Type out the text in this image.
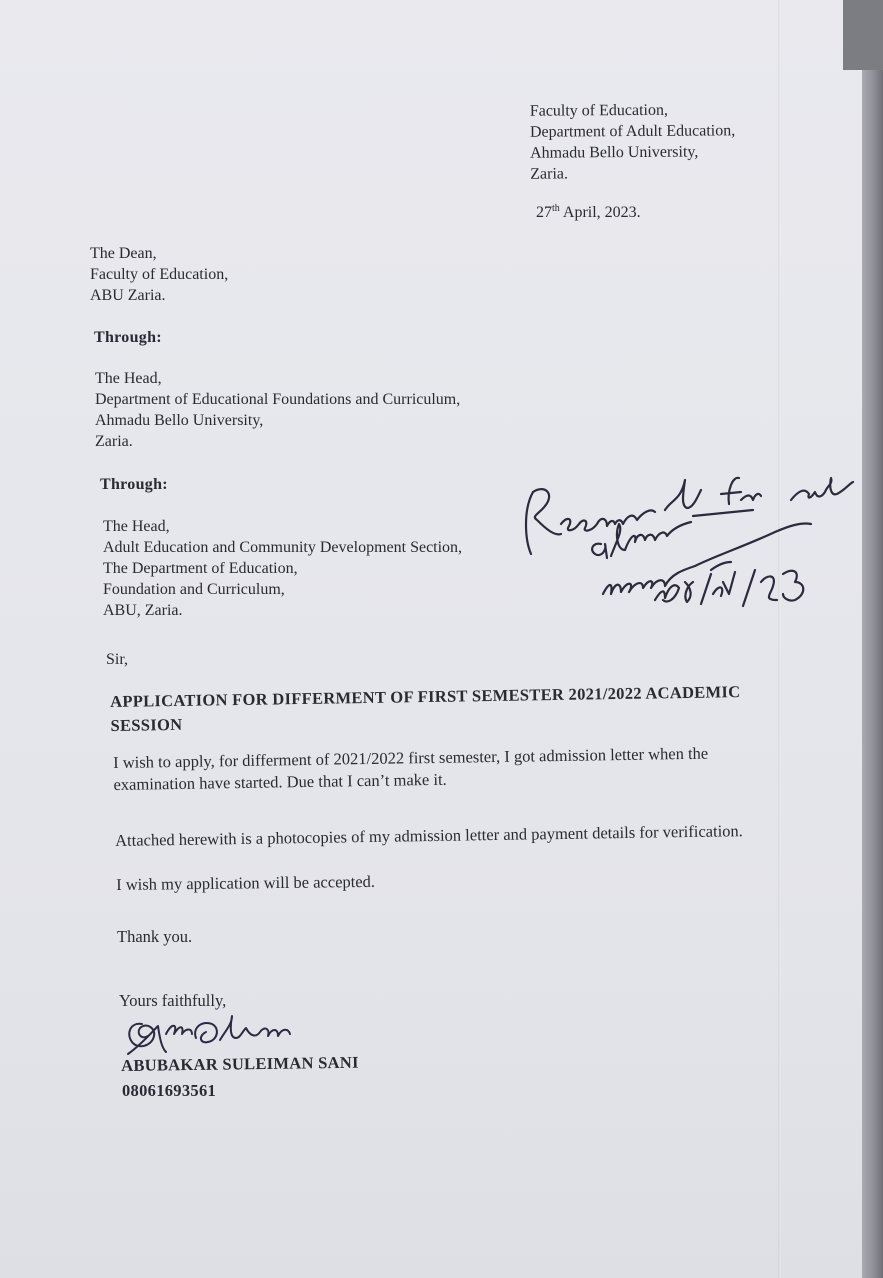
Faculty of Education,
Department of Adult Education,
Ahmadu Bello University,
Zaria.
27th April, 2023.
The Dean,
Faculty of Education,
ABU Zaria.
Through:
The Head,
Department of Educational Foundations and Curriculum,
Ahmadu Bello University,
Zaria.
Through:
The Head,
Adult Education and Community Development Section,
The Department of Education,
Foundation and Curriculum,
ABU, Zaria.
Sir,
APPLICATION FOR DIFFERMENT OF FIRST SEMESTER 2021/2022 ACADEMIC
SESSION
I wish to apply, for differment of 2021/2022 first semester, I got admission letter when the
examination have started. Due that I can’t make it.
Attached herewith is a photocopies of my admission letter and payment details for verification.
I wish my application will be accepted.
Thank you.
Yours faithfully,
ABUBAKAR SULEIMAN SANI
08061693561
